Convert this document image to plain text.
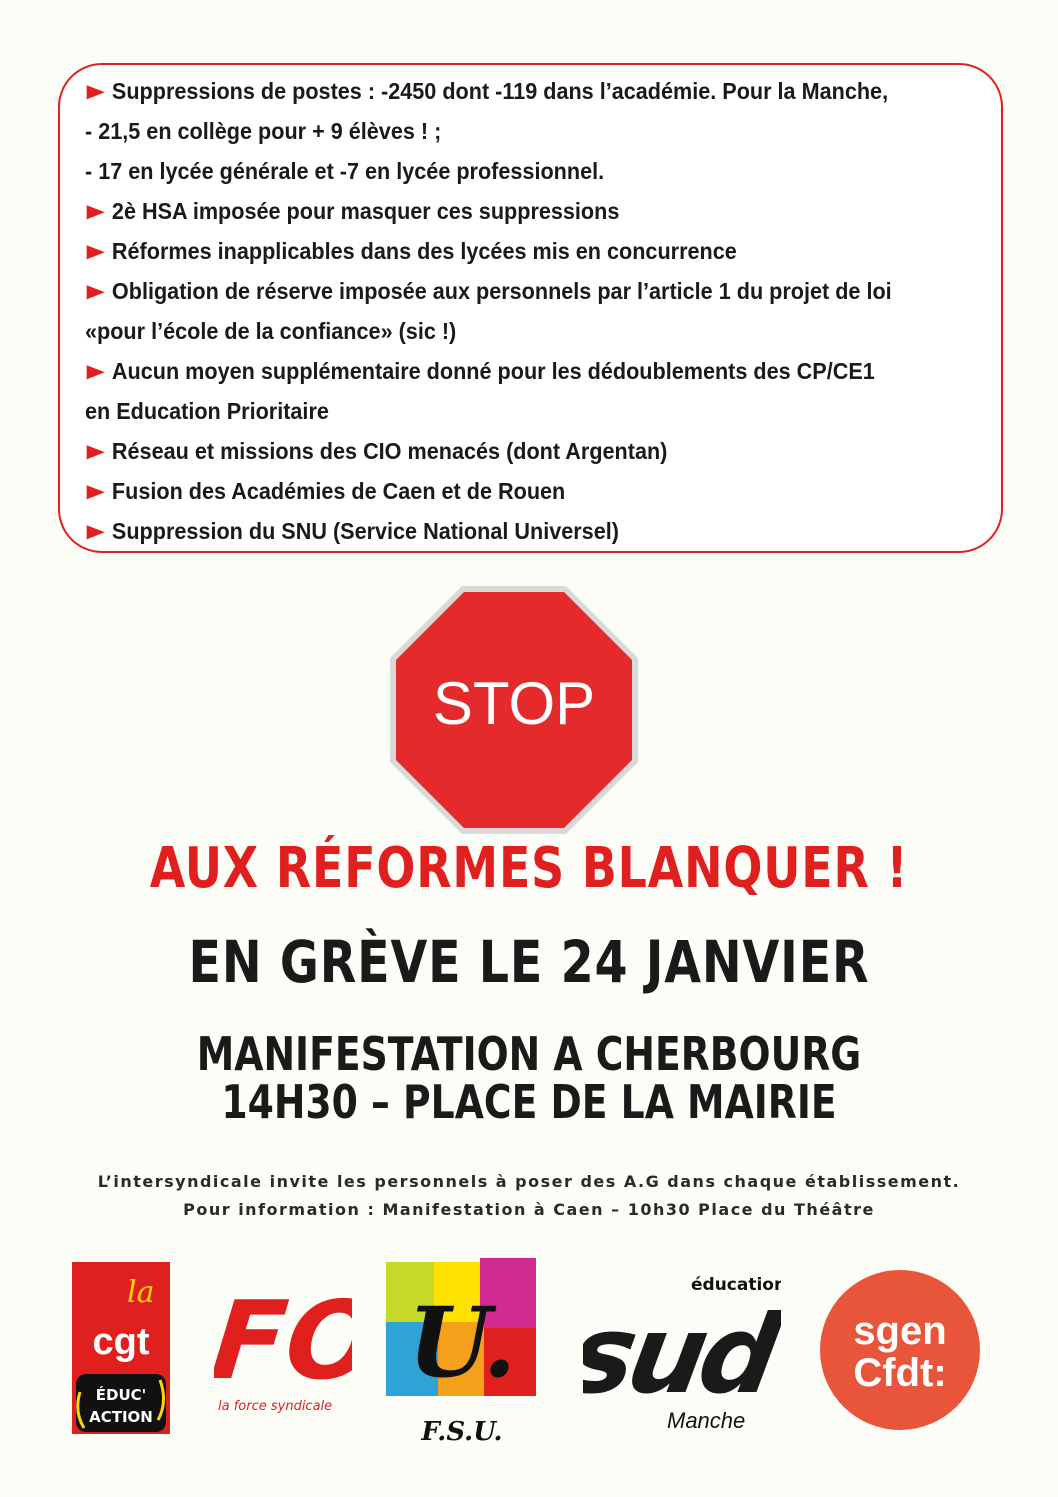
►Suppressions de postes : -2450 dont -119 dans l’académie. Pour la Manche,
- 21,5 en collège pour + 9 élèves ! ;
- 17 en lycée générale et -7 en lycée professionnel.
►2è HSA imposée pour masquer ces suppressions
►Réformes inapplicables dans des lycées mis en concurrence
►Obligation de réserve imposée aux personnels par l’article 1 du projet de loi
«pour l’école de la confiance» (sic !)
►Aucun moyen supplémentaire donné pour les dédoublements des CP/CE1
en Education Prioritaire
►Réseau et missions des CIO menacés (dont Argentan)
►Fusion des Académies de Caen et de Rouen
►Suppression du SNU (Service National Universel)
STOP
AUX RÉFORMES BLANQUER !
EN GRÈVE LE 24 JANVIER
MANIFESTATION A CHERBOURG
14H30 – PLACE DE LA MAIRIE
L’intersyndicale invite les personnels à poser des A.G dans chaque établissement.
Pour information : Manifestation à Caen – 10h30 Place du Théâtre
la
cgt
ÉDUC'
ACTION
FO
la force syndicale
U.
F.S.U.
éducation
sud
Manche
sgen
Cfdt:
